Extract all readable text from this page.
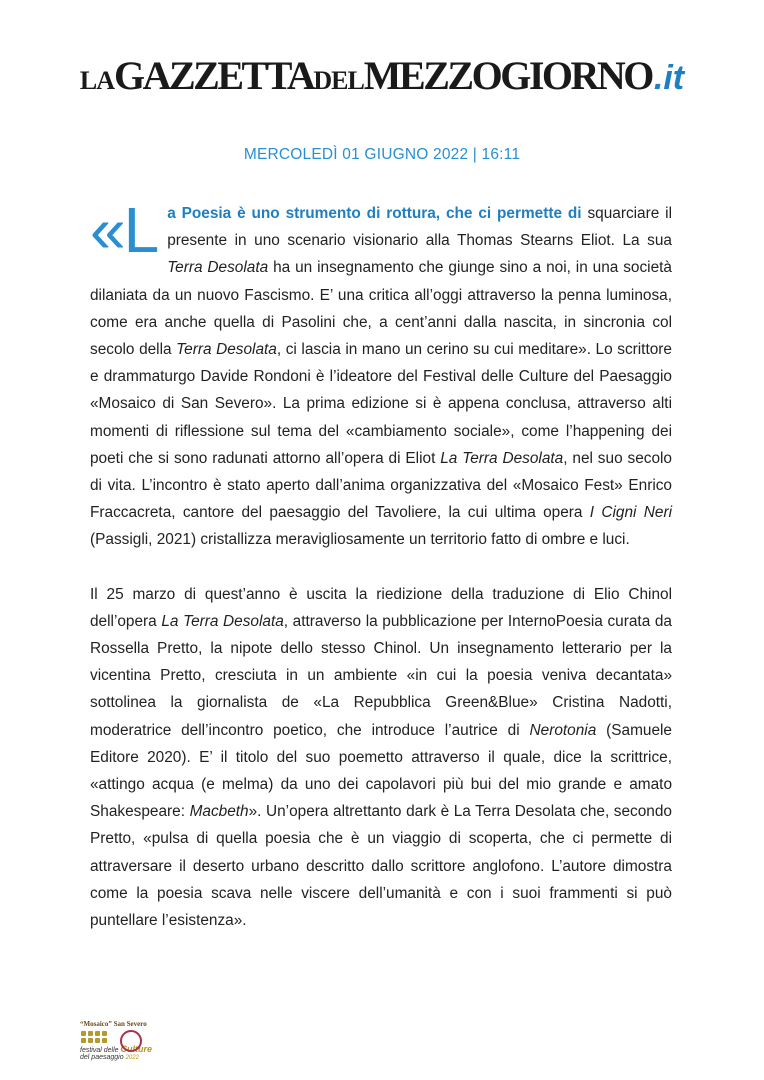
LAGAZZETTADELMEZZOGIORNO.it
MERCOLEDÌ 01 GIUGNO 2022 | 16:11

«L a Poesia è uno strumento di rottura, che ci permette di squarciare il presente in uno scenario visionario alla Thomas Stearns Eliot. La sua Terra Desolata ha un insegnamento che giunge sino a noi, in una società dilaniata da un nuovo Fascismo. E’ una critica all’oggi attraverso la penna luminosa, come era anche quella di Pasolini che, a cent’anni dalla nascita, in sincronia col secolo della Terra Desolata, ci lascia in mano un cerino su cui meditare». Lo scrittore e drammaturgo Davide Rondoni è l’ideatore del Festival delle Culture del Paesaggio «Mosaico di San Severo». La prima edizione si è appena conclusa, attraverso alti momenti di riflessione sul tema del «cambiamento sociale», come l’happening dei poeti che si sono radunati attorno all’opera di Eliot La Terra Desolata, nel suo secolo di vita. L’incontro è stato aperto dall’anima organizzativa del «Mosaico Fest» Enrico Fraccacreta, cantore del paesaggio del Tavoliere, la cui ultima opera I Cigni Neri (Passigli, 2021) cristallizza meravigliosamente un territorio fatto di ombre e luci.

Il 25 marzo di quest’anno è uscita la riedizione della traduzione di Elio Chinol dell’opera La Terra Desolata, attraverso la pubblicazione per InternoPoesia curata da Rossella Pretto, la nipote dello stesso Chinol. Un insegnamento letterario per la vicentina Pretto, cresciuta in un ambiente «in cui la poesia veniva decantata» sottolinea la giornalista de «La Repubblica Green&Blue» Cristina Nadotti, moderatrice dell’incontro poetico, che introduce l’autrice di Nerotonia (Samuele Editore 2020). E’ il titolo del suo poemetto attraverso il quale, dice la scrittrice, «attingo acqua (e melma) da uno dei capolavori più bui del mio grande e amato Shakespeare: Macbeth». Un’opera altrettanto dark è La Terra Desolata che, secondo Pretto, «pulsa di quella poesia che è un viaggio di scoperta, che ci permette di attraversare il deserto urbano descritto dallo scrittore anglofono. L’autore dimostra come la poesia scava nelle viscere dell’umanità e con i suoi frammenti si può puntellare l’esistenza».

“Mosaico” San Severo
festival delle Culture
del paesaggio 2022
